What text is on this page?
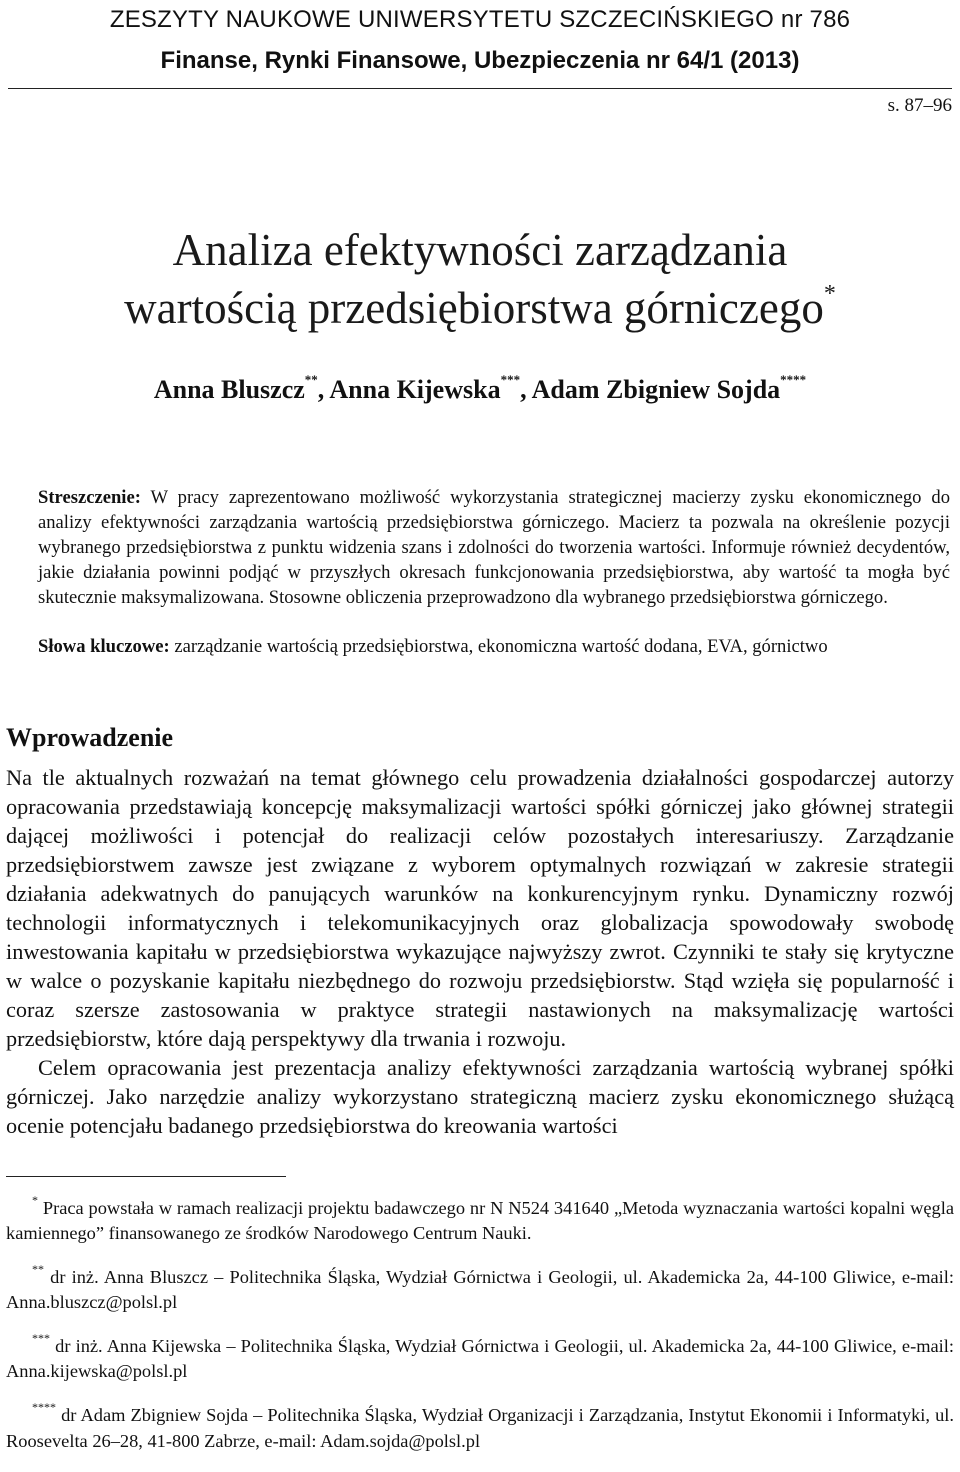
ZESZYTY NAUKOWE UNIWERSYTETU SZCZECIŃSKIEGO nr 786
Finanse, Rynki Finansowe, Ubezpieczenia nr 64/1 (2013)
s. 87–96
Analiza efektywności zarządzania
wartością przedsiębiorstwa górniczego*
Anna Bluszcz**, Anna Kijewska***, Adam Zbigniew Sojda****
Streszczenie: W pracy zaprezentowano możliwość wykorzystania strategicznej macierzy zysku ekonomicznego do analizy efektywności zarządzania wartością przedsiębiorstwa górniczego. Macierz ta pozwala na określenie pozycji wybranego przedsiębiorstwa z punktu widzenia szans i zdolności do tworzenia wartości. Informuje również decydentów, jakie działania powinni podjąć w przyszłych okresach funkcjonowania przedsiębiorstwa, aby wartość ta mogła być skutecznie maksymalizowana. Stosowne obliczenia przeprowadzono dla wybranego przedsiębiorstwa górniczego.
Słowa kluczowe: zarządzanie wartością przedsiębiorstwa, ekonomiczna wartość dodana, EVA, górnictwo
Wprowadzenie

Na tle aktualnych rozważań na temat głównego celu prowadzenia działalności gospodarczej autorzy opracowania przedstawiają koncepcję maksymalizacji wartości spółki górniczej jako głównej strategii dającej możliwości i potencjał do realizacji celów pozostałych interesariuszy. Zarządzanie przedsiębiorstwem zawsze jest związane z wyborem optymalnych rozwiązań w zakresie strategii działania adekwatnych do panujących warunków na konkurencyjnym rynku. Dynamiczny rozwój technologii informatycznych i telekomunikacyjnych oraz globalizacja spowodowały swobodę inwestowania kapitału w przedsiębiorstwa wykazujące najwyższy zwrot. Czynniki te stały się krytyczne w walce o pozyskanie kapitału niezbędnego do rozwoju przedsiębiorstw. Stąd wzięła się popularność i coraz szersze zastosowania w praktyce strategii nastawionych na maksymalizację wartości przedsiębiorstw, które dają perspektywy dla trwania i rozwoju.

Celem opracowania jest prezentacja analizy efektywności zarządzania wartością wybranej spółki górniczej. Jako narzędzie analizy wykorzystano strategiczną macierz zysku ekonomicznego służącą ocenie potencjału badanego przedsiębiorstwa do kreowania wartości

* Praca powstała w ramach realizacji projektu badawczego nr N N524 341640 „Metoda wyznaczania wartości kopalni węgla kamiennego” finansowanego ze środków Narodowego Centrum Nauki.
** dr inż. Anna Bluszcz – Politechnika Śląska, Wydział Górnictwa i Geologii, ul. Akademicka 2a, 44-100 Gliwice, e-mail: Anna.bluszcz@polsl.pl
*** dr inż. Anna Kijewska – Politechnika Śląska, Wydział Górnictwa i Geologii, ul. Akademicka 2a, 44-100 Gliwice, e-mail: Anna.kijewska@polsl.pl
**** dr Adam Zbigniew Sojda – Politechnika Śląska, Wydział Organizacji i Zarządzania, Instytut Ekonomii i Informatyki, ul. Roosevelta 26–28, 41-800 Zabrze, e-mail: Adam.sojda@polsl.pl
